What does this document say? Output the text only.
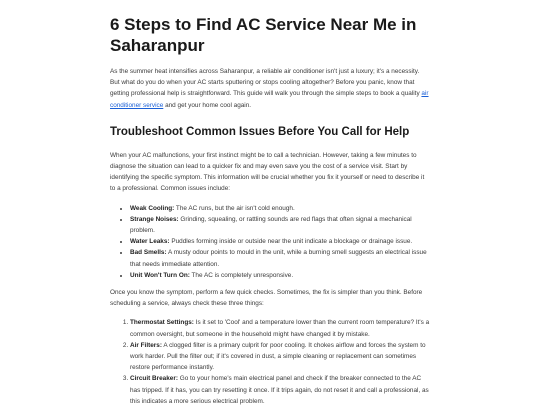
6 Steps to Find AC Service Near Me in Saharanpur

As the summer heat intensifies across Saharanpur, a reliable air conditioner isn't just a luxury; it's a necessity. But what do you do when your AC starts sputtering or stops cooling altogether? Before you panic, know that getting professional help is straightforward. This guide will walk you through the simple steps to book a quality air conditioner service and get your home cool again.

Troubleshoot Common Issues Before You Call for Help

When your AC malfunctions, your first instinct might be to call a technician. However, taking a few minutes to diagnose the situation can lead to a quicker fix and may even save you the cost of a service visit. Start by identifying the specific symptom. This information will be crucial whether you fix it yourself or need to describe it to a professional. Common issues include:

• Weak Cooling: The AC runs, but the air isn't cold enough.
• Strange Noises: Grinding, squealing, or rattling sounds are red flags that often signal a mechanical problem.
• Water Leaks: Puddles forming inside or outside near the unit indicate a blockage or drainage issue.
• Bad Smells: A musty odour points to mould in the unit, while a burning smell suggests an electrical issue that needs immediate attention.
• Unit Won't Turn On: The AC is completely unresponsive.

Once you know the symptom, perform a few quick checks. Sometimes, the fix is simpler than you think. Before scheduling a service, always check these three things:

1. Thermostat Settings: Is it set to 'Cool' and a temperature lower than the current room temperature? It's a common oversight, but someone in the household might have changed it by mistake.
2. Air Filters: A clogged filter is a primary culprit for poor cooling. It chokes airflow and forces the system to work harder. Pull the filter out; if it's covered in dust, a simple cleaning or replacement can sometimes restore performance instantly.
3. Circuit Breaker: Go to your home's main electrical panel and check if the breaker connected to the AC has tripped. If it has, you can try resetting it once. If it trips again, do not reset it and call a professional, as this indicates a more serious electrical problem.
